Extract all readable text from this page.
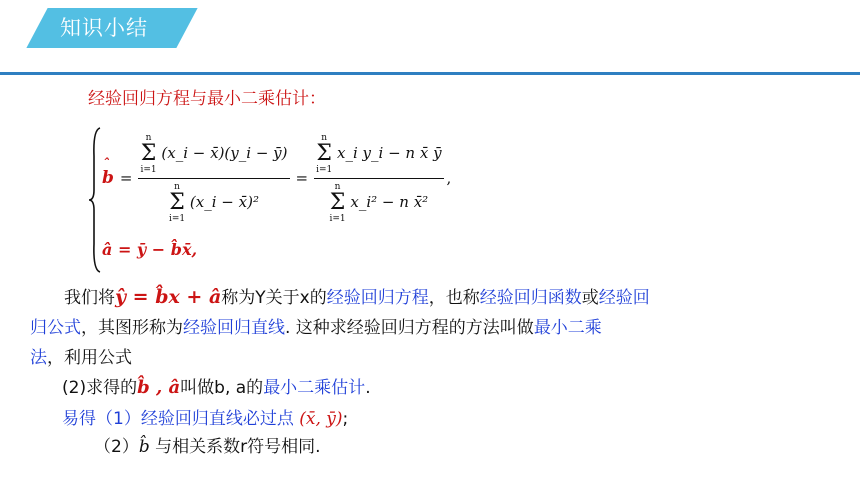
知识小结
经验回归方程与最小二乘估计：
ˆ
b = n
Σ
i=1 (x_i − x̄)(y_i − ȳ)
n
Σ
i=1 (x_i − x̄)² = n
Σ
i=1 x_i y_i − n x̄ ȳ
n
Σ
i=1 x_i² − n x̄² ,
â = ȳ − b̂x̄,
我们将ŷ = b̂x + â称为Y关于x的经验回归方程，也称经验回归函数或经验回
归公式，其图形称为经验回归直线. 这种求经验回归方程的方法叫做最小二乘
法，利用公式
(2)求得的b̂ , â叫做b, a的最小二乘估计.
易得（1）经验回归直线必过点 (x̄, ȳ);
（2）b̂ 与相关系数r符号相同.
